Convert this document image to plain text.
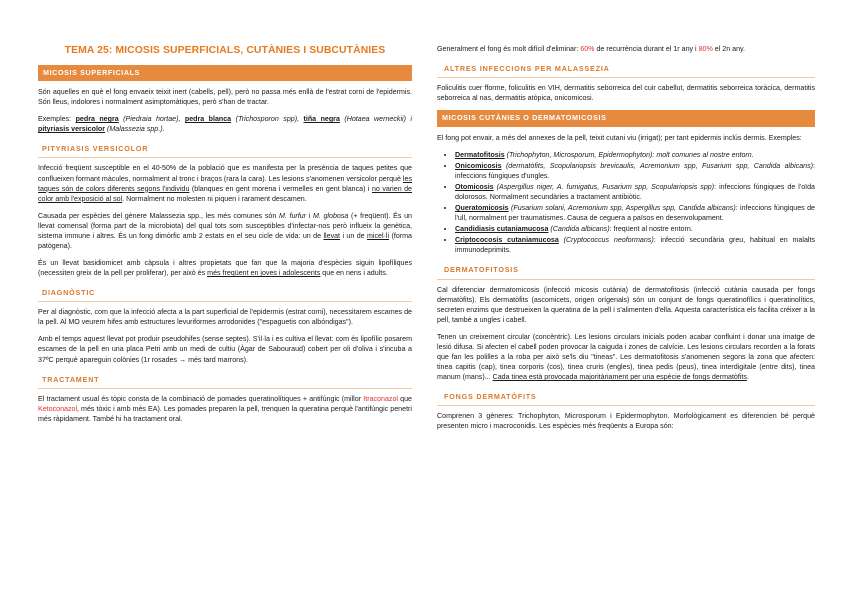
TEMA 25: MICOSIS SUPERFICIALS, CUTÀNIES I SUBCUTÀNIES
MICOSIS SUPERFICIALS

Són aquelles en què el fong envaeix teixit inert (cabells, pell), però no passa més enllà de l'estrat corni de l'epidermis. Són lleus, indolores i normalment asimptomàtiques, però s'han de tractar.

Exemples: pedra negra (Piedraia hortae), pedra blanca (Trichosporon spp), tiña negra (Hotaea werneckii) i pityriasis versicolor (Malassezia spp.).

PITYRIASIS VERSICOLOR

Infecció freqüent susceptible en el 40-50% de la població que es manifesta per la presència de taques petites que conflueixen formant màcules, normalment al tronc i braços (rara la cara). Les lesions s'anomenen versicolor perquè les taques són de colors diferents segons l'individu (blanques en gent morena i vermelles en gent blanca) i no varien de color amb l'exposició al sol. Normalment no molesten ni piquen i rarament descamen.

Causada per espècies del gènere Malassezia spp., les més comunes són M. furfur i M. globosa (+ freqüent). És un llevat comensal (forma part de la microbiota) del qual tots som susceptibles d'infectar-nos però influeix la genètica, sistema immune i altres. És un fong dimòrfic amb 2 estats en el seu cicle de vida: un de llevat i un de micel·li (forma patògena).

És un llevat basidiomicet amb càpsula i altres propietats que fan que la majoria d'espècies siguin lipofíliques (necessiten greix de la pell per proliferar), per això és més freqüent en joves i adolescents que en nens i adults.

DIAGNÒSTIC

Per al diagnòstic, com que la infecció afecta a la part superficial de l'epidermis (estrat corni), necessitarem escames de la pell. Al MO veurem hifes amb estructures levuriformes arrodonides ("espaguetis con albóndigas").

Amb el temps aquest llevat pot produir pseudohifes (sense septes). S'il·la i es cultiva el llevat: com és lipofílic posarem escames de la pell en una placa Petri amb un medi de cultiu (Àgar de Sabouraud) cobert per oli d'oliva i s'incuba a 37ºC perquè apareguin colònies (1r rosades → més tard marrons).

TRACTAMENT

El tractament usual és tòpic consta de la combinació de pomades queratinolítiques + antifúngic (millor Itraconazol que Ketoconazol, més tòxic i amb més EA). Les pomades preparen la pell, trenquen la queratina perquè l'antifúngic penetri més ràpidament. També hi ha tractament oral.

Generalment el fong és molt difícil d'eliminar: 60% de recurrència durant el 1r any i 80% el 2n any.

ALTRES INFECCIONS PER MALASSEZIA

Foliculitis cuer fforme, foliculitis en VIH, dermatitis seborreica del cuir cabellut, dermatitis seborreica toràcica, dermatitis seborreica al nas, dermatitis atòpica, onicomicosi.

MICOSIS CUTÀNIES O DERMATOMICOSIS

El fong pot envair, a més del annexes de la pell, teixit cutani viu (irrigat); per tant epidermis inclús dermis. Exemples:

• Dermatofitosis (Trichophyton, Microsporum, Epidermophyton): molt comunes al nostre entorn.
• Onicomicosis (dermatòfits, Scopulariopsis brevicaulis, Acremonium spp, Fusarium spp, Candida albicans): infeccions fúngiques d'ungles.
• Otomicosis (Aspergillus niger, A. fumigatus, Fusarium spp, Scopulariopsis spp): infeccions fúngiques de l'oïda dolorosos. Normalment secundàries a tractament antibiòtic.
• Queratomicosis (Fusarium solani, Acremonium spp, Aspergillus spp, Candida albicans): infeccions fúngiques de l'ull, normalment per traumatismes. Causa de ceguera a països en desenvolupament.
• Candidiasis cutaniamucosa (Candida albicans): freqüent al nostre entorn.
• Criptococosis cutaniamucosa (Cryptococcus neoformans): infecció secundària greu, habitual en malalts immunodeprimits.
DERMATOFITOSIS

Cal diferenciar dermatomicosis (infecció micosis cutània) de dermatofitosis (infecció cutània causada per fongs dermatòfits). Els dermatòfits (ascomicets, origen orígenals) són un conjunt de fongs queratinofílics i queratinolítics, secreten enzims que destrueixen la queratina de la pell i s'alimenten d'ella. Aquesta característica els facilita créixer a la pell, també a ungles i cabell.

Tenen un creixement circular (concèntric). Les lesions circulars inicials poden acabar confluint i donar una imatge de lesió difusa. Si afecten el cabell poden provocar la caiguda i zones de calvície. Les lesions circulars recorden a la forats que fan les polilles a la roba per això se'ls diu "tineas". Les dermatofitosis s'anomenen segons la zona que afecten: tinea capitis (cap), tinea corporis (cos), tinea cruris (engles), tinea pedis (peus), tinea interdigitale (entre dits), tinea manum (mans)... Cada tinea està provocada majoritàriament per una espècie de fongs dermatòfits.

FONGS DERMATÒFITS

Comprenen 3 gèneres: Trichophyton, Microsporum i Epidermophyton. Morfològicament es diferencien bé perquè presenten micro i macroconidis. Les espècies més freqüents a Europa són:
